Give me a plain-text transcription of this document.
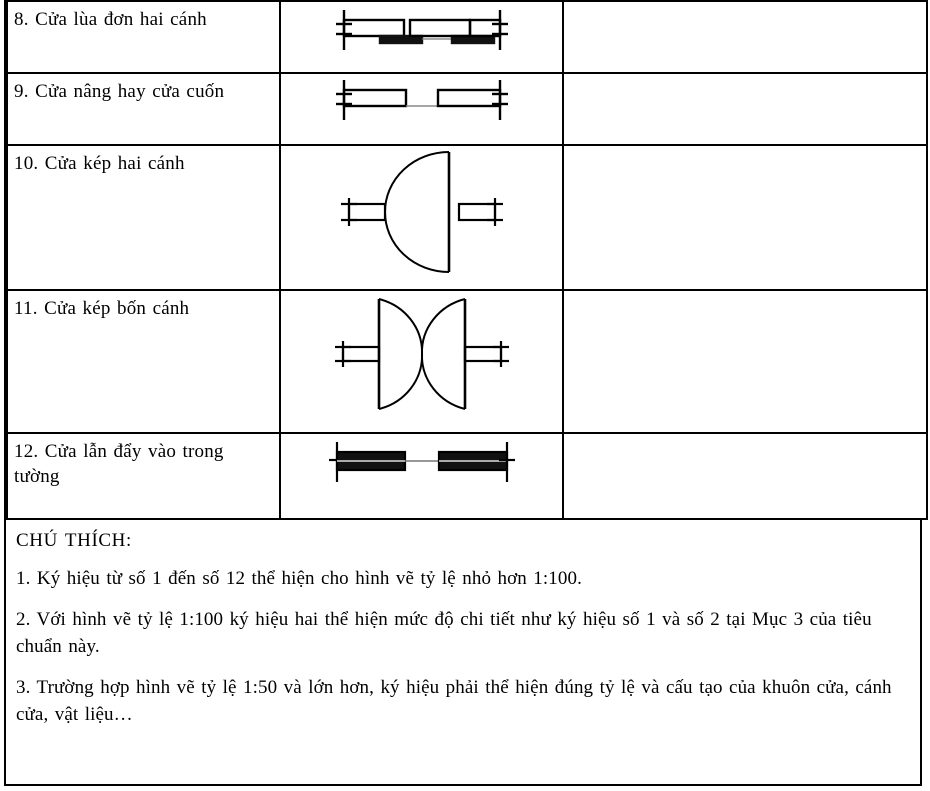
8. Cửa lùa đơn hai cánh

9. Cửa nâng hay cửa cuốn

10. Cửa kép hai cánh

11. Cửa kép bốn cánh

12. Cửa lẫn đẩy vào trong tường

CHÚ THÍCH:

1. Ký hiệu từ số 1 đến số 12 thể hiện cho hình vẽ tỷ lệ nhỏ hơn 1:100.

2. Với hình vẽ tỷ lệ 1:100 ký hiệu hai thể hiện mức độ chi tiết như ký hiệu số 1 và số 2 tại Mục 3 của tiêu chuẩn này.

3. Trường hợp hình vẽ tỷ lệ 1:50 và lớn hơn, ký hiệu phải thể hiện đúng tỷ lệ và cấu tạo của khuôn cửa, cánh cửa, vật liệu…
